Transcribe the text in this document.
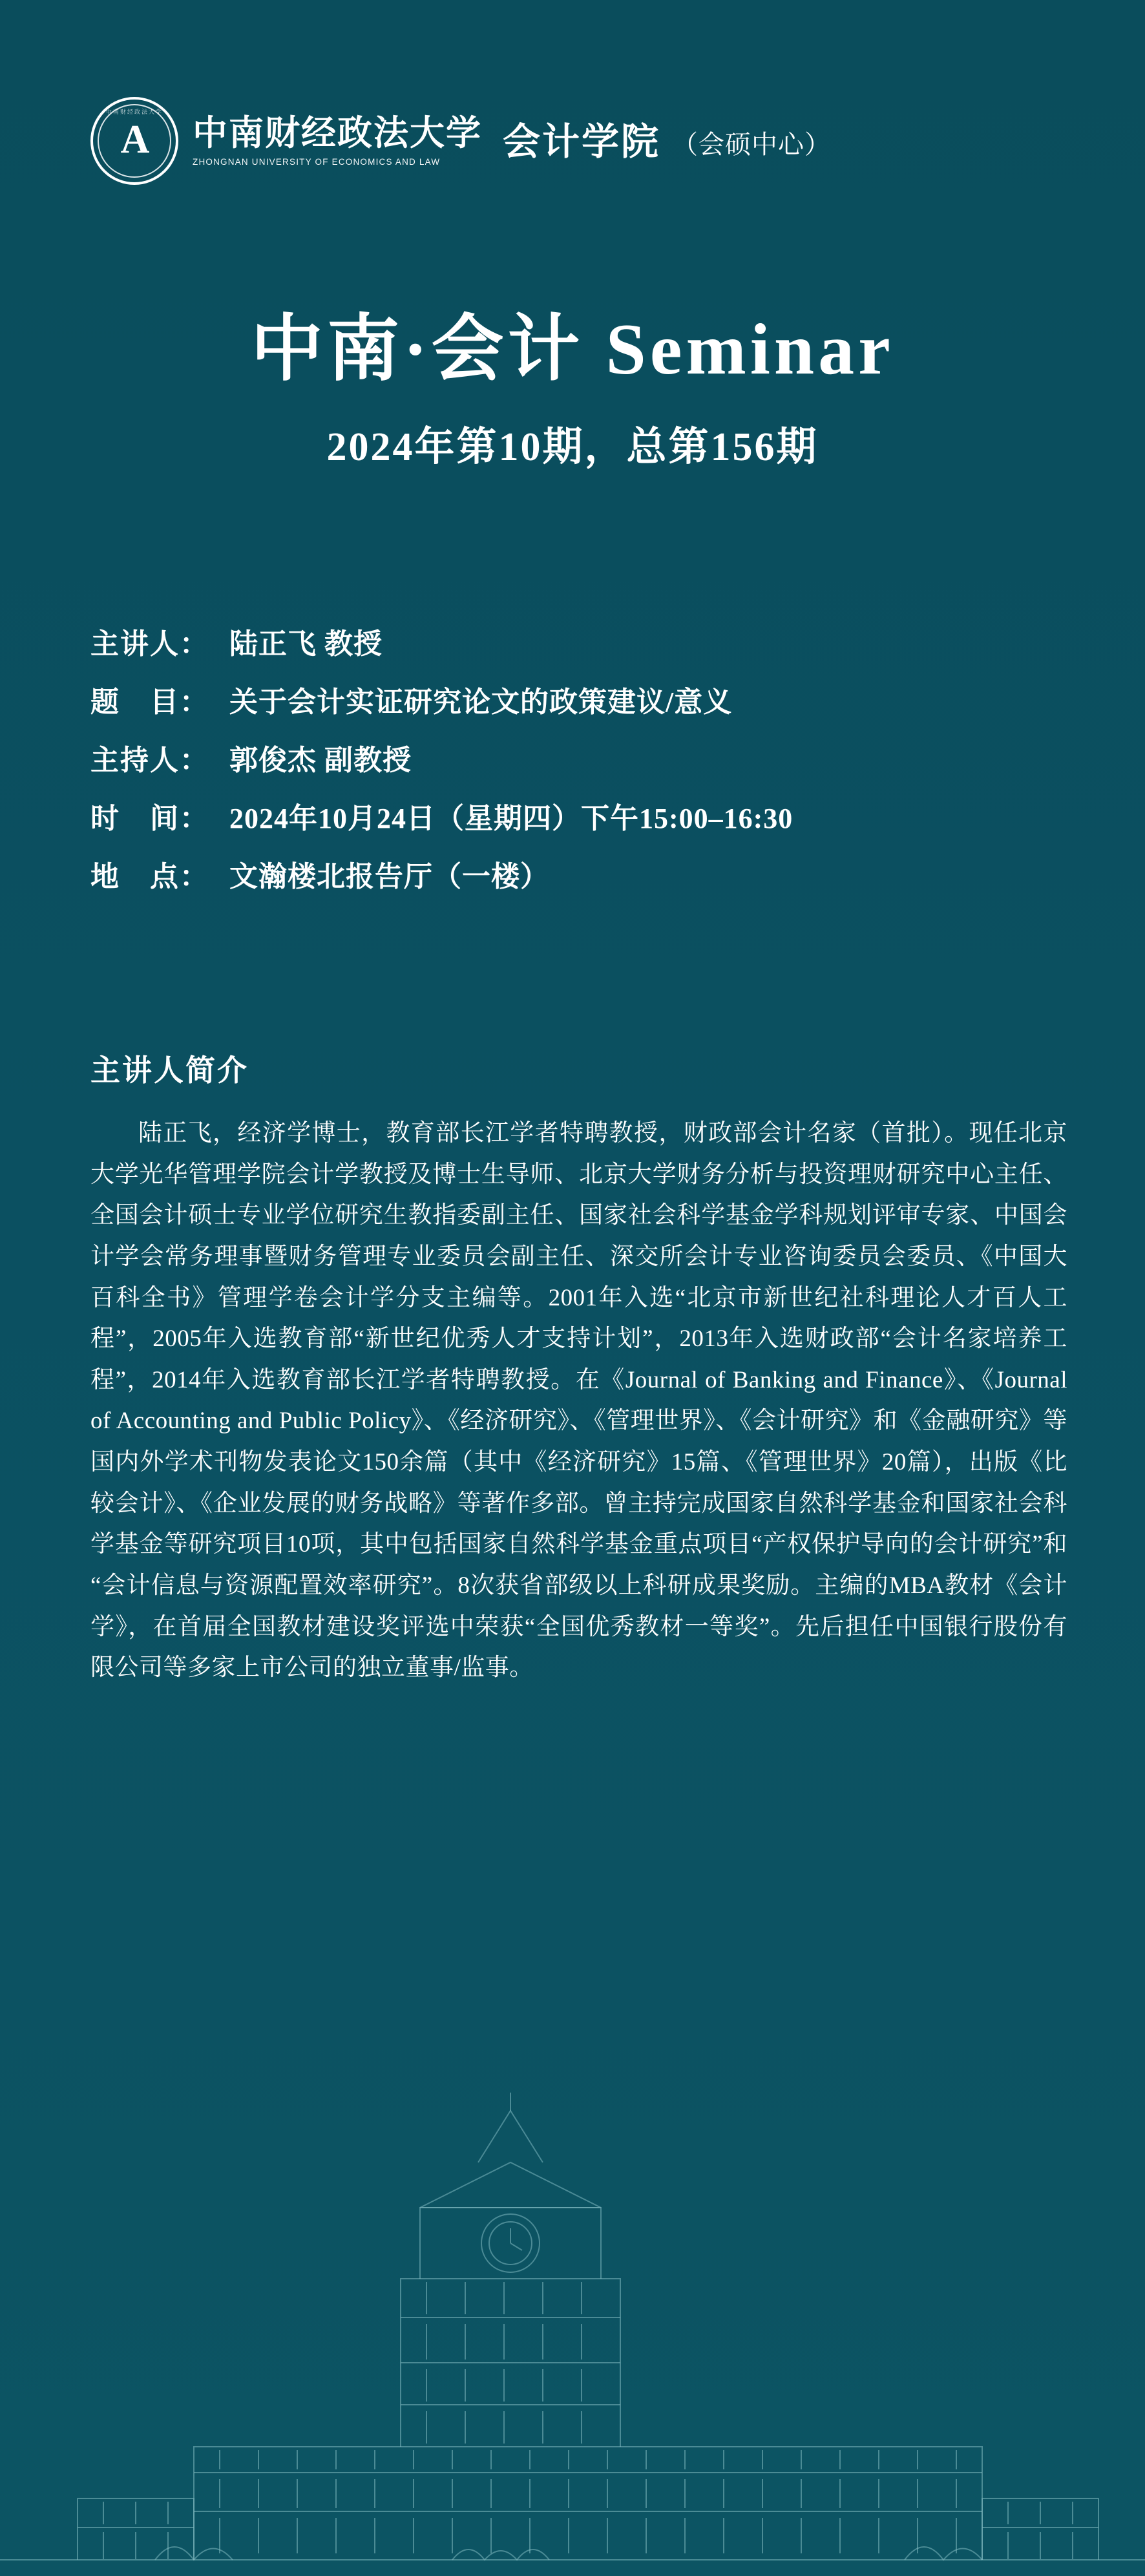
中南财经政法大学
A 中南财经政法大学
ZHONGNAN UNIVERSITY OF ECONOMICS AND LAW	会计学院 （会硕中心）
中南·会计 Seminar
2024年第10期，总第156期
主讲人： 陆正飞 教授
题　目： 关于会计实证研究论文的政策建议/意义
主持人： 郭俊杰 副教授
时　间： 2024年10月24日（星期四）下午15:00–16:30
地　点： 文瀚楼北报告厅（一楼）
主讲人简介
陆正飞，经济学博士，教育部长江学者特聘教授，财政部会计名家（首批）。现任北京大学光华管理学院会计学教授及博士生导师、北京大学财务分析与投资理财研究中心主任、全国会计硕士专业学位研究生教指委副主任、国家社会科学基金学科规划评审专家、中国会计学会常务理事暨财务管理专业委员会副主任、深交所会计专业咨询委员会委员、《中国大百科全书》管理学卷会计学分支主编等。2001年入选“北京市新世纪社科理论人才百人工程”，2005年入选教育部“新世纪优秀人才支持计划”，2013年入选财政部“会计名家培养工程”，2014年入选教育部长江学者特聘教授。在《Journal of Banking and Finance》、《Journal of Accounting and Public Policy》、《经济研究》、《管理世界》、《会计研究》和《金融研究》等国内外学术刊物发表论文150余篇（其中《经济研究》15篇、《管理世界》20篇），出版《比较会计》、《企业发展的财务战略》等著作多部。曾主持完成国家自然科学基金和国家社会科学基金等研究项目10项，其中包括国家自然科学基金重点项目“产权保护导向的会计研究”和“会计信息与资源配置效率研究”。8次获省部级以上科研成果奖励。主编的MBA教材《会计学》，在首届全国教材建设奖评选中荣获“全国优秀教材一等奖”。先后担任中国银行股份有限公司等多家上市公司的独立董事/监事。
